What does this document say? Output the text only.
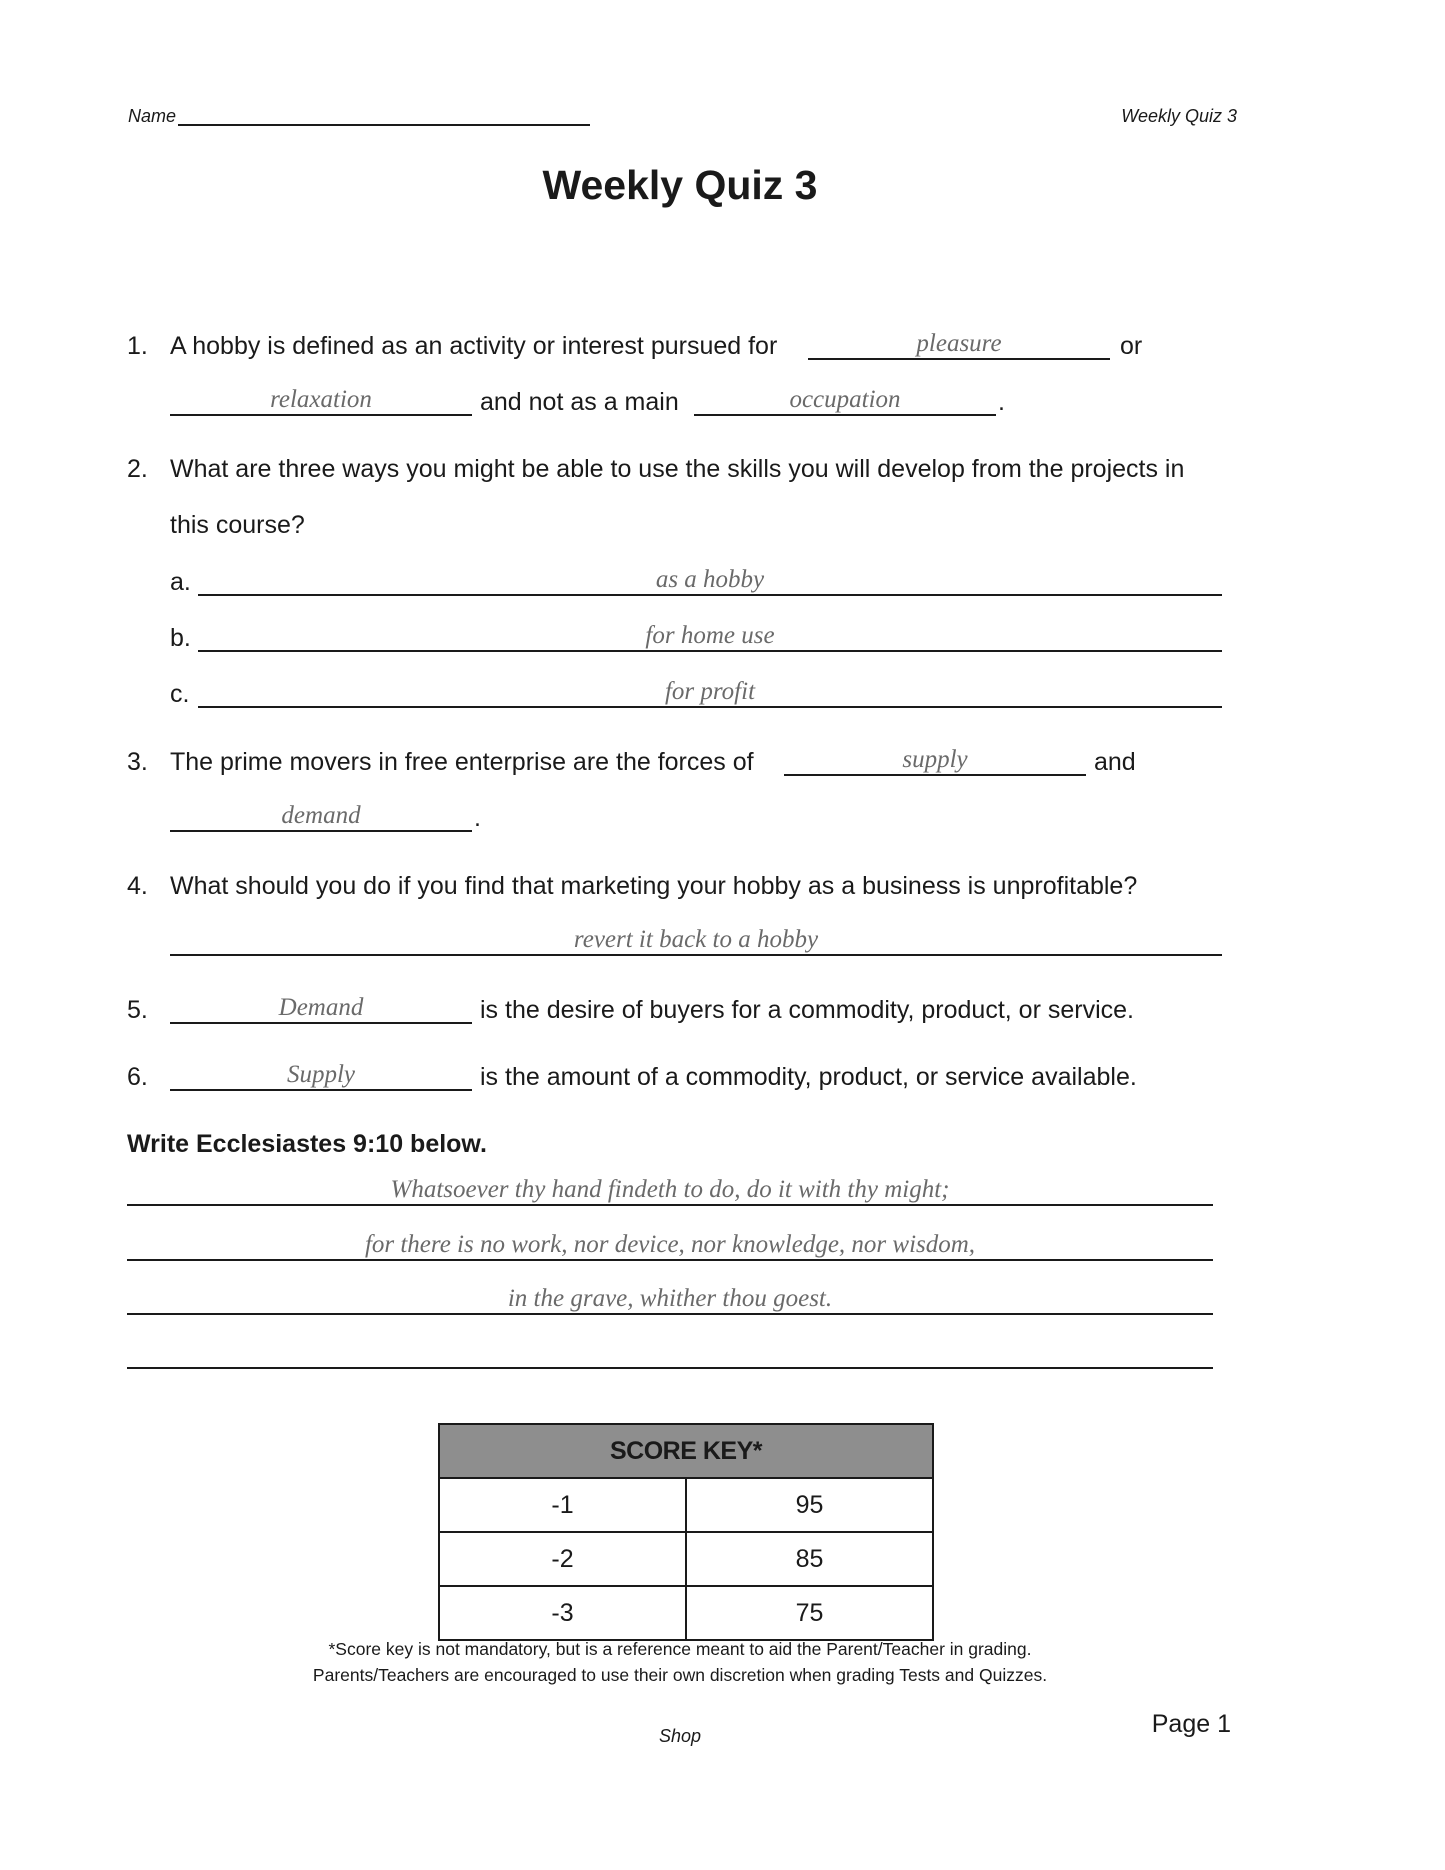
Name	Weekly Quiz 3
Weekly Quiz 3
1. A hobby is defined as an activity or interest pursued for	pleasure	or
relaxation	and not as a main	occupation	.
2. What are three ways you might be able to use the skills you will develop from the projects in
this course?
a.	as a hobby
b.	for home use
c.	for profit
3. The prime movers in free enterprise are the forces of	supply	and
demand	.
4. What should you do if you find that marketing your hobby as a business is unprofitable?
revert it back to a hobby
5.	Demand	is the desire of buyers for a commodity, product, or service.
6.	Supply	is the amount of a commodity, product, or service available.
Write Ecclesiastes 9:10 below.
Whatsoever thy hand findeth to do, do it with thy might;
for there is no work, nor device, nor knowledge, nor wisdom,
in the grave, whither thou goest.
SCORE KEY*	
-1	95
-2	85
-3	75
*Score key is not mandatory, but is a reference meant to aid the Parent/Teacher in grading.
Parents/Teachers are encouraged to use their own discretion when grading Tests and Quizzes.
Shop	Page 1
